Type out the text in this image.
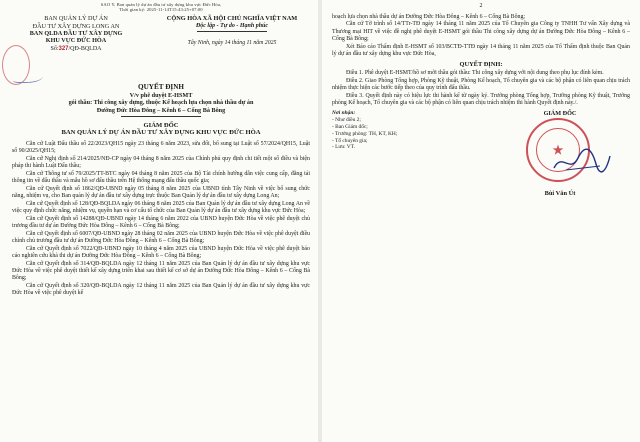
SAO Y, Ban quản lý dự án đầu tư xây dựng khu vực Đức Hòa,
Thời gian ký: 2025-11-14T15:43:25+07:00
BAN QUẢN LÝ DỰ ÁN
ĐẦU TƯ XÂY DỰNG LONG AN
BAN QLDA ĐẦU TƯ XÂY DỰNG
KHU VỰC ĐỨC HÒA
Số:327/QĐ-BQLDA
CỘNG HÒA XÃ HỘI CHỦ NGHĨA VIỆT NAM
Độc lập - Tự do - Hạnh phúc
Tây Ninh, ngày 14 tháng 11 năm 2025
QUYẾT ĐỊNH
V/v phê duyệt E-HSMT
gói thầu: Thi công xây dựng, thuộc Kế hoạch lựa chọn nhà thầu dự án
Đường Đức Hòa Đông – Kênh 6 – Cống Bà Bông
GIÁM ĐỐC
BAN QUẢN LÝ DỰ ÁN ĐẦU TƯ XÂY DỰNG KHU VỰC ĐỨC HÒA

Căn cứ Luật Đấu thầu số 22/2023/QH15 ngày 23 tháng 6 năm 2023, sửa đổi, bổ sung tại Luật số 57/2024/QH15, Luật số 90/2025/QH15;

Căn cứ Nghị định số 214/2025/NĐ-CP ngày 04 tháng 8 năm 2025 của Chính phủ quy định chi tiết một số điều và biện pháp thi hành Luật Đấu thầu;

Căn cứ Thông tư số 79/2025/TT-BTC ngày 04 tháng 8 năm 2025 của Bộ Tài chính hướng dẫn việc cung cấp, đăng tải thông tin về đấu thầu và mẫu hồ sơ đấu thầu trên Hệ thống mạng đấu thầu quốc gia;

Căn cứ Quyết định số 1862/QĐ-UBND ngày 05 tháng 8 năm 2025 của UBND tỉnh Tây Ninh về việc bổ sung chức năng, nhiệm vụ, cho Ban quản lý dự án đầu tư xây dựng trực thuộc Ban Quản lý dự án đầu tư xây dựng Long An;

Căn cứ Quyết định số 128/QĐ-BQLDA ngày 06 tháng 8 năm 2025 của Ban Quản lý dự án đầu tư xây dựng Long An về việc quy định chức năng, nhiệm vụ, quyền hạn và cơ cấu tổ chức của Ban Quản lý dự án đầu tư xây dựng khu vực Đức Hòa;

Căn cứ Quyết định số 14288/QĐ-UBND ngày 14 tháng 6 năm 2022 của UBND huyện Đức Hòa về việc phê duyệt chủ trương đầu tư dự án Đường Đức Hòa Đông – Kênh 6 – Cống Bà Bông;

Căn cứ Quyết định số 6007/QĐ-UBND ngày 28 tháng 02 năm 2025 của UBND huyện Đức Hòa về việc phê duyệt điều chỉnh chủ trương đầu tư dự án Đường Đức Hòa Đông – Kênh 6 – Cống Bà Bông;

Căn cứ Quyết định số 7022/QĐ-UBND ngày 10 tháng 4 năm 2025 của UBND huyện Đức Hòa về việc phê duyệt báo cáo nghiên cứu khả thi dự án Đường Đức Hòa Đông – Kênh 6 – Cống Bà Bông;

Căn cứ Quyết định số 314/QĐ-BQLDA ngày 12 tháng 11 năm 2025 của Ban Quản lý dự án đầu tư xây dựng khu vực Đức Hòa về việc phê duyệt thiết kế xây dựng triển khai sau thiết kế cơ sở dự án Đường Đức Hòa Đông – Kênh 6 – Cống Bà Bông;

Căn cứ Quyết định số 320/QĐ-BQLDA ngày 12 tháng 11 năm 2025 của Ban Quản lý dự án đầu tư xây dựng khu vực Đức Hòa về việc phê duyệt kế

2
hoạch lựa chọn nhà thầu dự án Đường Đức Hòa Đông – Kênh 6 – Cống Bà Bông;

Căn cứ Tờ trình số 14/TTr-TĐ ngày 14 tháng 11 năm 2025 của Tổ Chuyên gia Công ty TNHH Tư vấn Xây dựng và Thương mại HIT về việc đề nghị phê duyệt E-HSMT gói thầu Thi công xây dựng dự án Đường Đức Hòa Đông – Kênh 6 – Cống Bà Bông;

Xét Báo cáo Thẩm định E-HSMT số 103/BCTĐ-TTĐ ngày 14 tháng 11 năm 2025 của Tổ Thẩm định thuộc Ban Quản lý dự án đầu tư xây dựng khu vực Đức Hòa,

QUYẾT ĐỊNH:

Điều 1. Phê duyệt E-HSMT/hồ sơ mời thầu gói thầu: Thi công xây dựng với nội dung theo phụ lục đính kèm.

Điều 2. Giao Phòng Tổng hợp, Phòng Kỹ thuật, Phòng Kế hoạch, Tổ chuyên gia và các bộ phận có liên quan chịu trách nhiệm thực hiện các bước tiếp theo của quy trình đấu thầu.

Điều 3. Quyết định này có hiệu lực thi hành kể từ ngày ký. Trưởng phòng Tổng hợp, Trưởng phòng Kỹ thuật, Trưởng phòng Kế hoạch, Tổ chuyên gia và các bộ phận có liên quan chịu trách nhiệm thi hành Quyết định này./.

Nơi nhận:
- Như điều 2;
- Ban Giám đốc;
- Trưởng phòng: TH, KT, KH;
- Tổ chuyên gia;
- Lưu: VT.
GIÁM ĐỐC
★
Bùi Văn Út
